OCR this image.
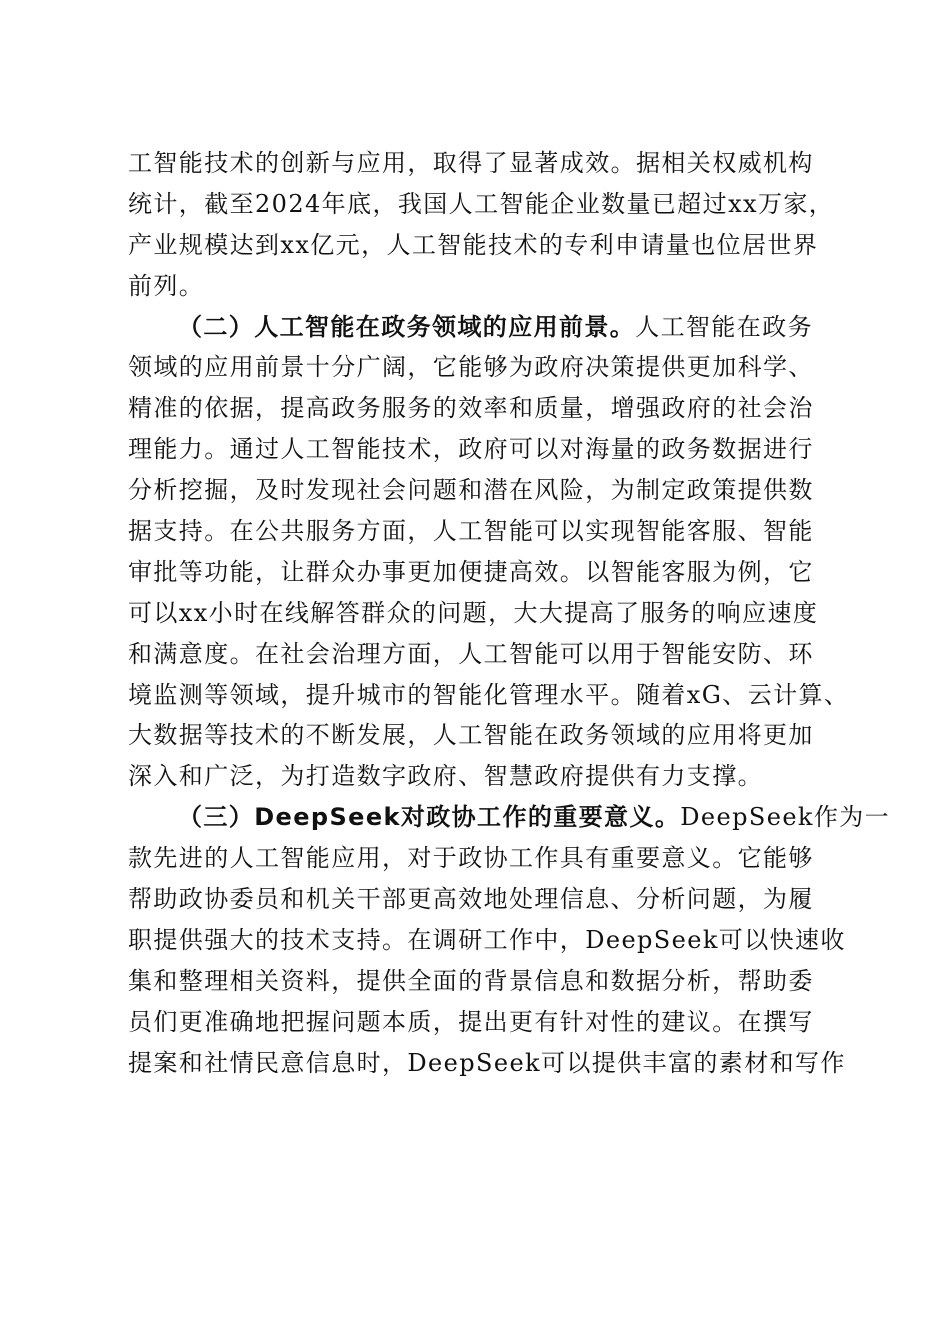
工智能技术的创新与应用，取得了显著成效。据相关权威机构
统计，截至2024年底，我国人工智能企业数量已超过xx万家，
产业规模达到xx亿元，人工智能技术的专利申请量也位居世界
前列。
（二）人工智能在政务领域的应用前景。人工智能在政务
领域的应用前景十分广阔，它能够为政府决策提供更加科学、
精准的依据，提高政务服务的效率和质量，增强政府的社会治
理能力。通过人工智能技术，政府可以对海量的政务数据进行
分析挖掘，及时发现社会问题和潜在风险，为制定政策提供数
据支持。在公共服务方面，人工智能可以实现智能客服、智能
审批等功能，让群众办事更加便捷高效。以智能客服为例，它
可以xx小时在线解答群众的问题，大大提高了服务的响应速度
和满意度。在社会治理方面，人工智能可以用于智能安防、环
境监测等领域，提升城市的智能化管理水平。随着xG、云计算、
大数据等技术的不断发展，人工智能在政务领域的应用将更加
深入和广泛，为打造数字政府、智慧政府提供有力支撑。
（三）DeepSeek对政协工作的重要意义。DeepSeek作为一
款先进的人工智能应用，对于政协工作具有重要意义。它能够
帮助政协委员和机关干部更高效地处理信息、分析问题，为履
职提供强大的技术支持。在调研工作中，DeepSeek可以快速收
集和整理相关资料，提供全面的背景信息和数据分析，帮助委
员们更准确地把握问题本质，提出更有针对性的建议。在撰写
提案和社情民意信息时，DeepSeek可以提供丰富的素材和写作
